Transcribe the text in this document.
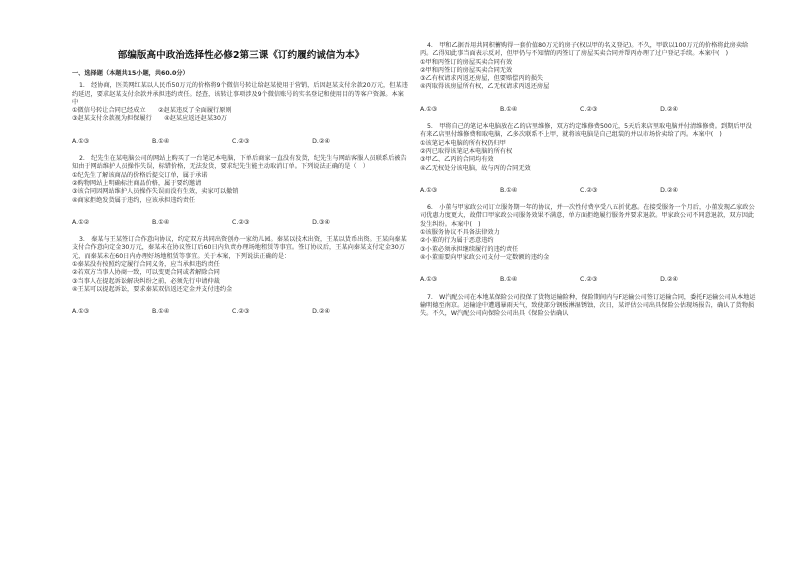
部编版高中政治选择性必修2第三课《订约履约诚信为本》
一、选择题（本题共15小题，共60.0分）
1.　经协商，医美网红某以人民币50万元的价格将9个微信号转让给赵某使用于营销，后因赵某支付余款20万元，但某违约延迟，要求赵某支付余款并承担违约责任。经查，该转让事项涉及9个微信账号的实名登记和使用目的等客户资源。本案中
①微信号转让合同已经成立　　②赵某违反了全面履行原则
③赵某支付余款视为担保履行　　④赵某应返还赵某30万
A.①③	B.①④	C.②③	D.②④
2.　纪先生在某电脑公司的网站上购买了一台笔记本电脑，下单后商家一直没有发货，纪先生与网站客服人员联系后被告知由于网站维护人员操作失误，标错价格，无法发货，要求纪先生能主动取消订单。下列说法正确的是（　）
①纪先生了解该商品的价格后提交订单，属于承诺
②购物网站上明确标注商品价格，属于要约邀请
③该合同因网站维护人员操作失误而没有生效，卖家可以撤销
④商家拒绝发货属于违约，应该承担违约责任
A.①②	B.①④	C.②③	D.③④
3.　秦某与王某签订合作意向协议，约定双方共同出资创办一家幼儿园。秦某以技术出资，王某以货币出资。王某向秦某支付合作意向定金30万元，秦某未在协议签订后60日内负责办理场地租赁等事宜。签订协议后，王某向秦某支付定金30万元，而秦某未在60日内办理好场地租赁等事宜。关于本案，下列说法正确的是：
①秦某没有按照约定履行合同义务，应当承担违约责任
②若双方当事人协商一致，可以变更合同或者解除合同
③当事人在提起诉讼解决纠纷之前，必须先行申请仲裁
④王某可以提起诉讼，要求秦某双倍返还定金并支付违约金
A.①③	B.①④	C.②③	D.②④
4.　甲和乙据吾用共同积蓄购得一套价值80万元的房子(权以甲的名义登记)。不久，甲欲以100万元的价格将此房卖给丙。乙得知此事当面表示反对，但甲仍与不知情的丙签订了房屋买卖合同并帮丙办理了过户登记手续。本案中(　)
①甲和丙签订的房屋买卖合同有效
②甲和丙签订的房屋买卖合同无效
③乙有权请求丙返还房屋，但要赔偿丙的损失
④丙取得该房屋所有权，乙无权请求丙返还房屋
A.①③	B.①④	C.②③	D.②④
5.　甲将自己的笔记本电脑放在乙的店里维修，双方约定维修费500元，5天后来店里取电脑并付清维修费。到期后甲没有来乙店里付维修费和取电脑，乙多次联系不上甲，就将该电脑是自己组装的并以市场价卖给了丙。本案中(　)
①该笔记本电脑的所有权仍归甲
②丙已取得该笔记本电脑的所有权
③甲乙、乙丙的合同均有效
④乙无权处分该电脑，故与丙的合同无效
A.①③	B.①④	C.②③	D.②④
6.　小董与甲家政公司订立服务期一年的协议，并一次性付费享受八五折优惠。在接受服务一个月后，小董发现乙家政公司优惠力度更大，故借口甲家政公司服务效果不满意，单方面拒绝履行服务并要求退款。甲家政公司不同意退款，双方因此发生纠纷。本案中(　)
①该服务协议不具备法律效力
②小董的行为属于恶意违约
③小董必须承担继续履行的违约责任
④小董需要向甲家政公司支付一定数额的违约金
A.①③	B.①④	C.②③	D.②④
7.　W汽配公司在本地某保险公司投保了货物运输险种，保险期间内与F运输公司签订运输合同，委托F运输公司从本地运输明德至南京。运输途中遭遇暴雨天气，致使部分钢板淋湿锈蚀，次日，某评估公司出具保险公估现场报告，确认了货物损失。不久，W汽配公司向保险公司出具《保险公估确认
